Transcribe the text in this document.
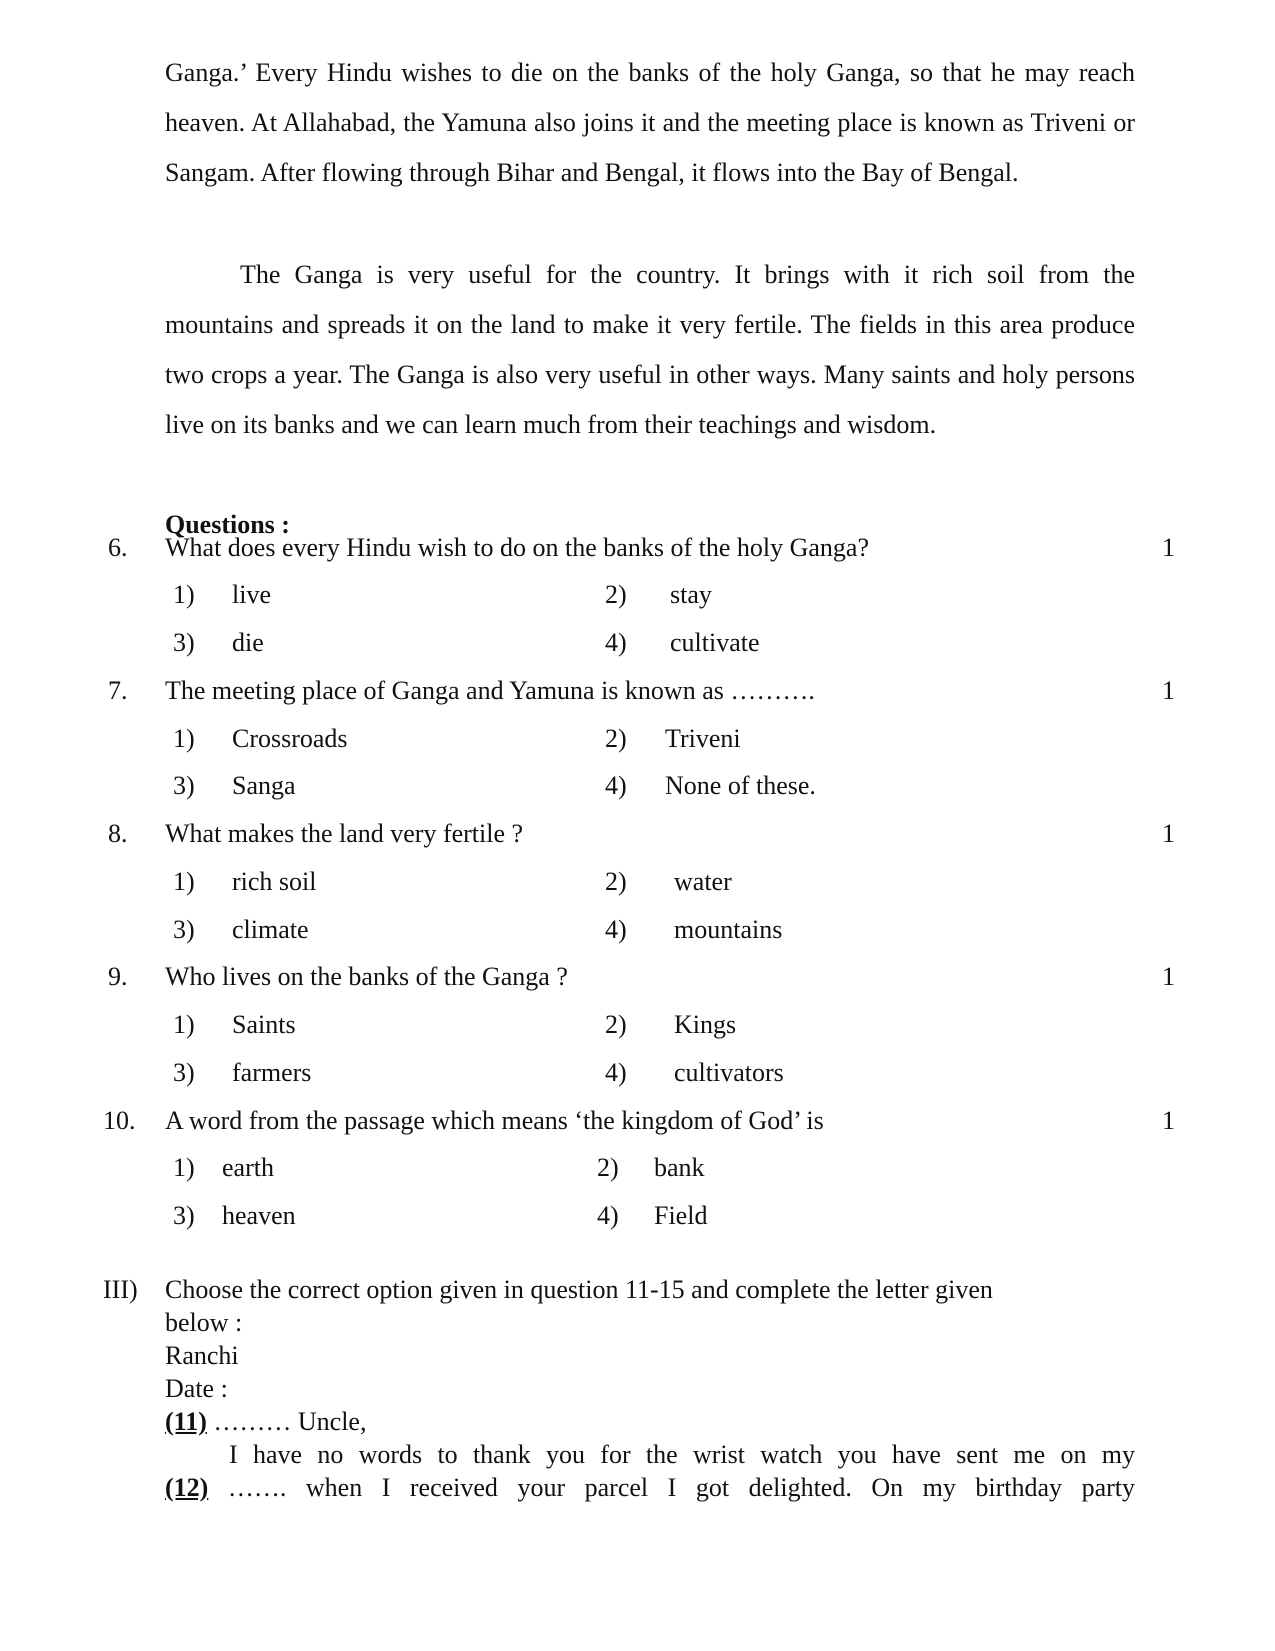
Ganga.’ Every Hindu wishes to die on the banks of the holy Ganga, so that he may reach heaven. At Allahabad, the Yamuna also joins it and the meeting place is known as Triveni or Sangam. After flowing through Bihar and Bengal, it flows into the Bay of Bengal.

The Ganga is very useful for the country. It brings with it rich soil from the mountains and spreads it on the land to make it very fertile. The fields in this area produce two crops a year. The Ganga is also very useful in other ways. Many saints and holy persons live on its banks and we can learn much from their teachings and wisdom.

Questions :

6. What does every Hindu wish to do on the banks of the holy Ganga?	1
1) live	2) stay
3) die	4) cultivate
7. The meeting place of Ganga and Yamuna is known as ……….	1
1) Crossroads	2) Triveni
3) Sanga	4) None of these.
8. What makes the land very fertile ?	1
1) rich soil	2) water
3) climate	4) mountains
9. Who lives on the banks of the Ganga ?	1
1) Saints	2) Kings
3) farmers	4) cultivators
10. A word from the passage which means ‘the kingdom of God’ is	1
1) earth	2) bank
3) heaven	4) Field
III) Choose the correct option given in question 11-15 and complete the letter given

below :

Ranchi

Date :

(11) ……… Uncle,

I have no words to thank you for the wrist watch you have sent me on my

(12) ……. when I received your parcel I got delighted. On my birthday party
